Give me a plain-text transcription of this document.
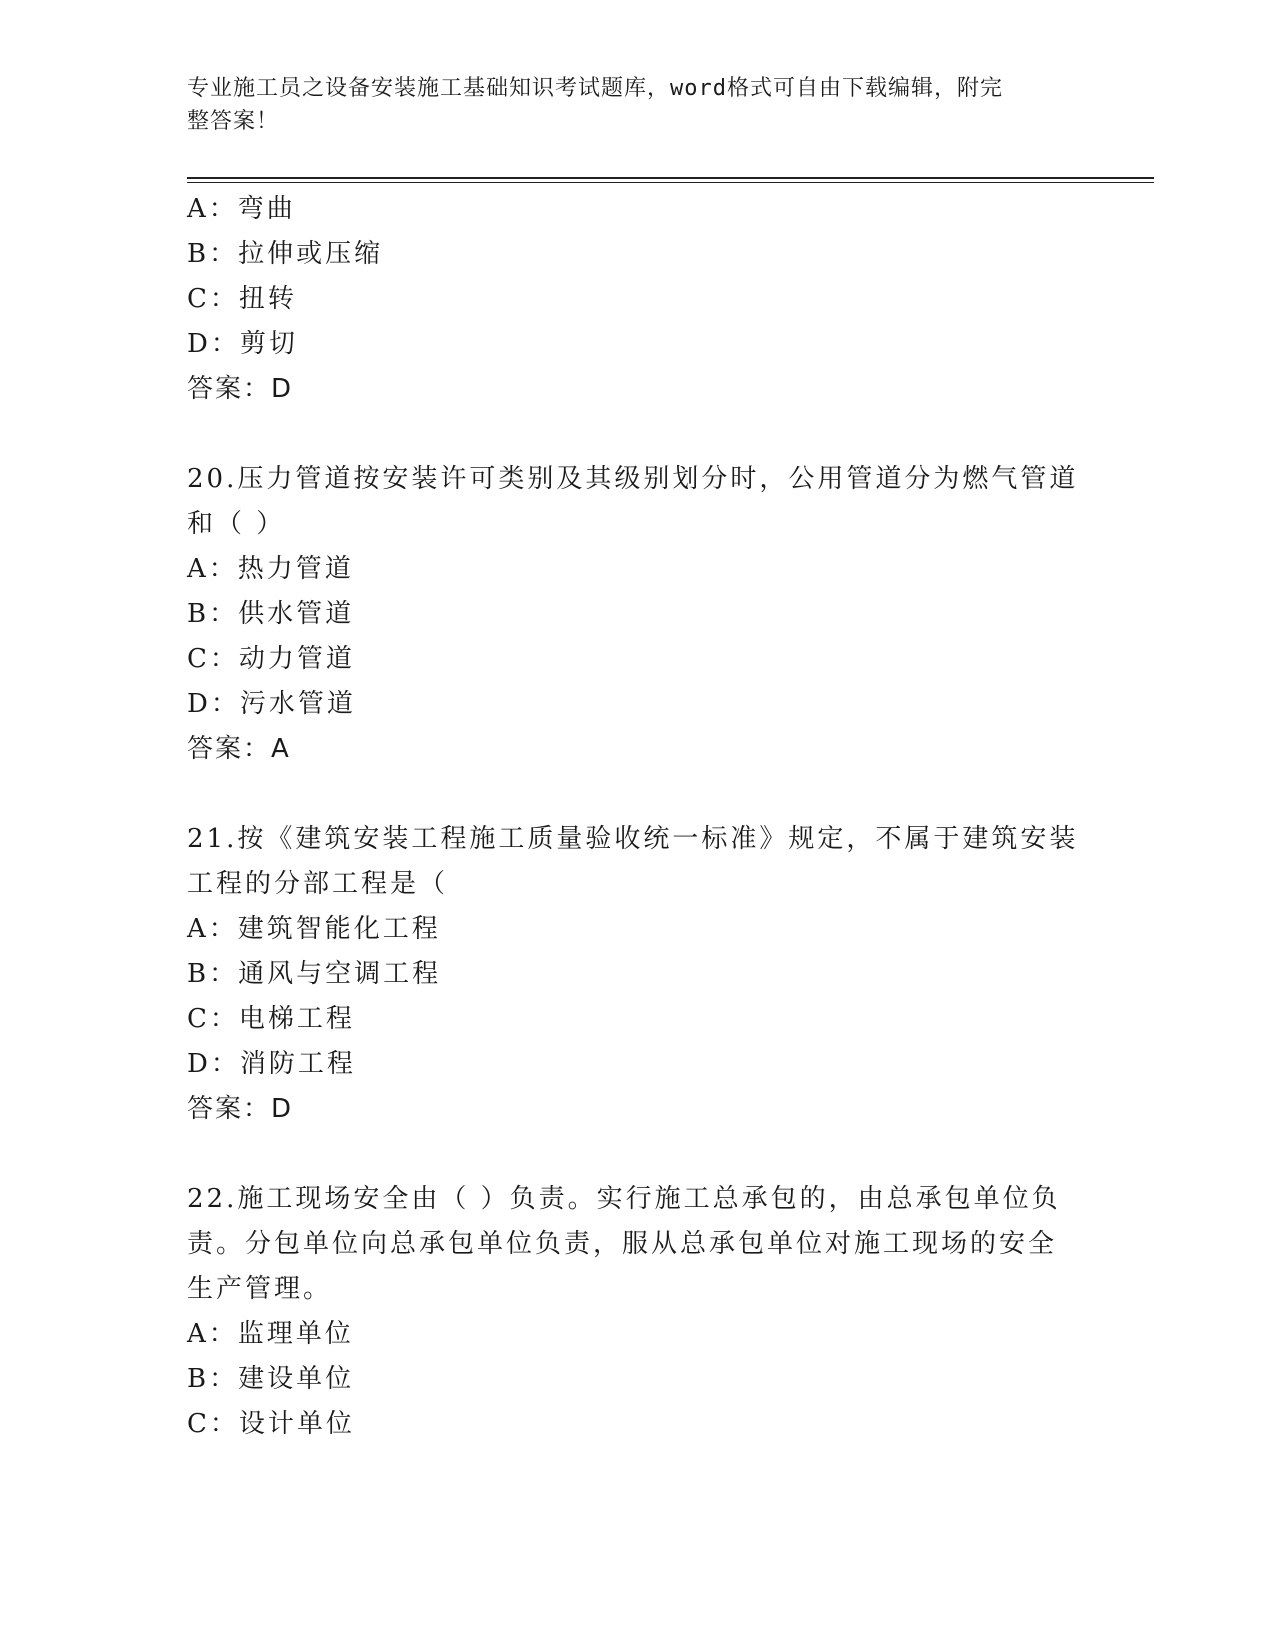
专业施工员之设备安装施工基础知识考试题库，word格式可自由下载编辑，附完
整答案！
A：弯曲
B：拉伸或压缩
C：扭转
D：剪切
答案：D
20.压力管道按安装许可类别及其级别划分时，公用管道分为燃气管道
和（ ）
A：热力管道
B：供水管道
C：动力管道
D：污水管道
答案：A
21.按《建筑安装工程施工质量验收统一标准》规定，不属于建筑安装
工程的分部工程是（
A：建筑智能化工程
B：通风与空调工程
C：电梯工程
D：消防工程
答案：D
22.施工现场安全由（ ）负责。实行施工总承包的，由总承包单位负
责。分包单位向总承包单位负责，服从总承包单位对施工现场的安全
生产管理。
A：监理单位
B：建设单位
C：设计单位
